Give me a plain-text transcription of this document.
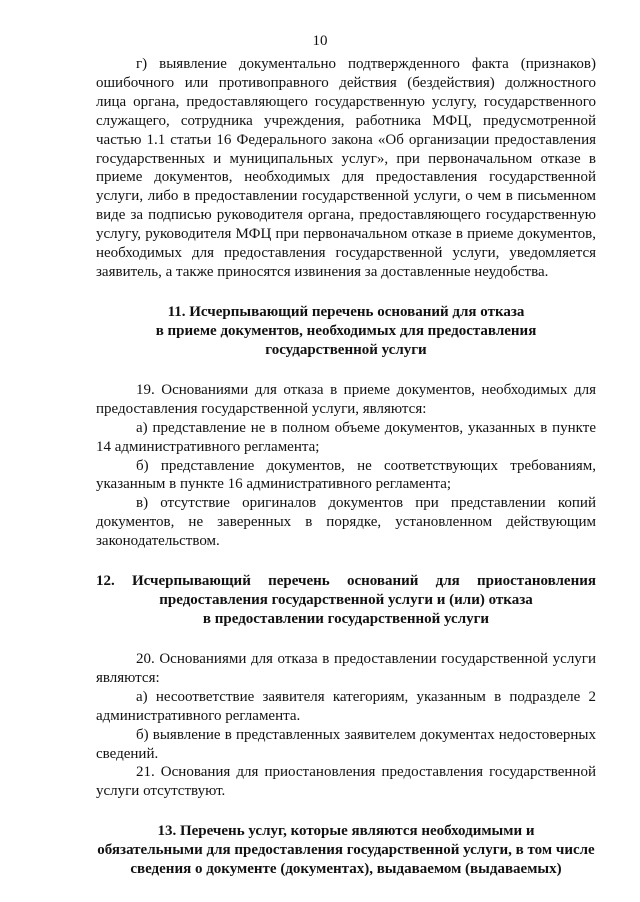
10

г) выявление документально подтвержденного факта (признаков) ошибочного или противоправного действия (бездействия) должностного лица органа, предоставляющего государственную услугу, государственного служащего, сотрудника учреждения, работника МФЦ, предусмотренной частью 1.1 статьи 16 Федерального закона «Об организации предоставления государственных и муниципальных услуг», при первоначальном отказе в приеме документов, необходимых для предоставления государственной услуги, либо в предоставлении государственной услуги, о чем в письменном виде за подписью руководителя органа, предоставляющего государственную услугу, руководителя МФЦ при первоначальном отказе в приеме документов, необходимых для предоставления государственной услуги, уведомляется заявитель, а также приносятся извинения за доставленные неудобства.

11. Исчерпывающий перечень оснований для отказа
в приеме документов, необходимых для предоставления
государственной услуги

19. Основаниями для отказа в приеме документов, необходимых для предоставления государственной услуги, являются:

а) представление не в полном объеме документов, указанных в пункте 14 административного регламента;

б) представление документов, не соответствующих требованиям, указанным в пункте 16 административного регламента;

в) отсутствие оригиналов документов при представлении копий документов, не заверенных в порядке, установленном действующим законодательством.

12. Исчерпывающий перечень оснований для приостановления предоставления государственной услуги и (или) отказа
в предоставлении государственной услуги

20. Основаниями для отказа в предоставлении государственной услуги являются:

а) несоответствие заявителя категориям, указанным в подразделе 2 административного регламента.

б) выявление в представленных заявителем документах недостоверных сведений.

21. Основания для приостановления предоставления государственной услуги отсутствуют.

13. Перечень услуг, которые являются необходимыми и
обязательными для предоставления государственной услуги, в том числе
сведения о документе (документах), выдаваемом (выдаваемых)
